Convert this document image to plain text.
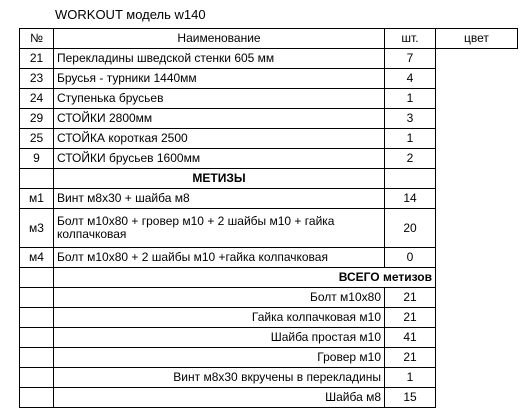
WORKOUT модель w140
№	Наименование	шт.	цвет
21	Перекладины шведской стенки 605 мм	7	
23	Брусья - турники 1440мм	4	
24	Ступенька брусьев	1	
29	СТОЙКИ 2800мм	3	
25	СТОЙКА короткая 2500	1	
9	СТОЙКИ брусьев 1600мм	2	
	МЕТИЗЫ		
м1	Винт м8х30 + шайба м8	14	
м3	Болт м10х80 + гровер м10 + 2 шайбы м10 + гайка колпачковая	20	
м4	Болт м10х80 + 2 шайбы м10 +гайка колпачковая	0	
	ВСЕГО метизов		
	Болт м10х80	21	
	Гайка колпачковая м10	21	
	Шайба простая м10	41	
	Гровер м10	21	
	Винт м8х30 вкручены в перекладины	1	
	Шайба м8	15	
